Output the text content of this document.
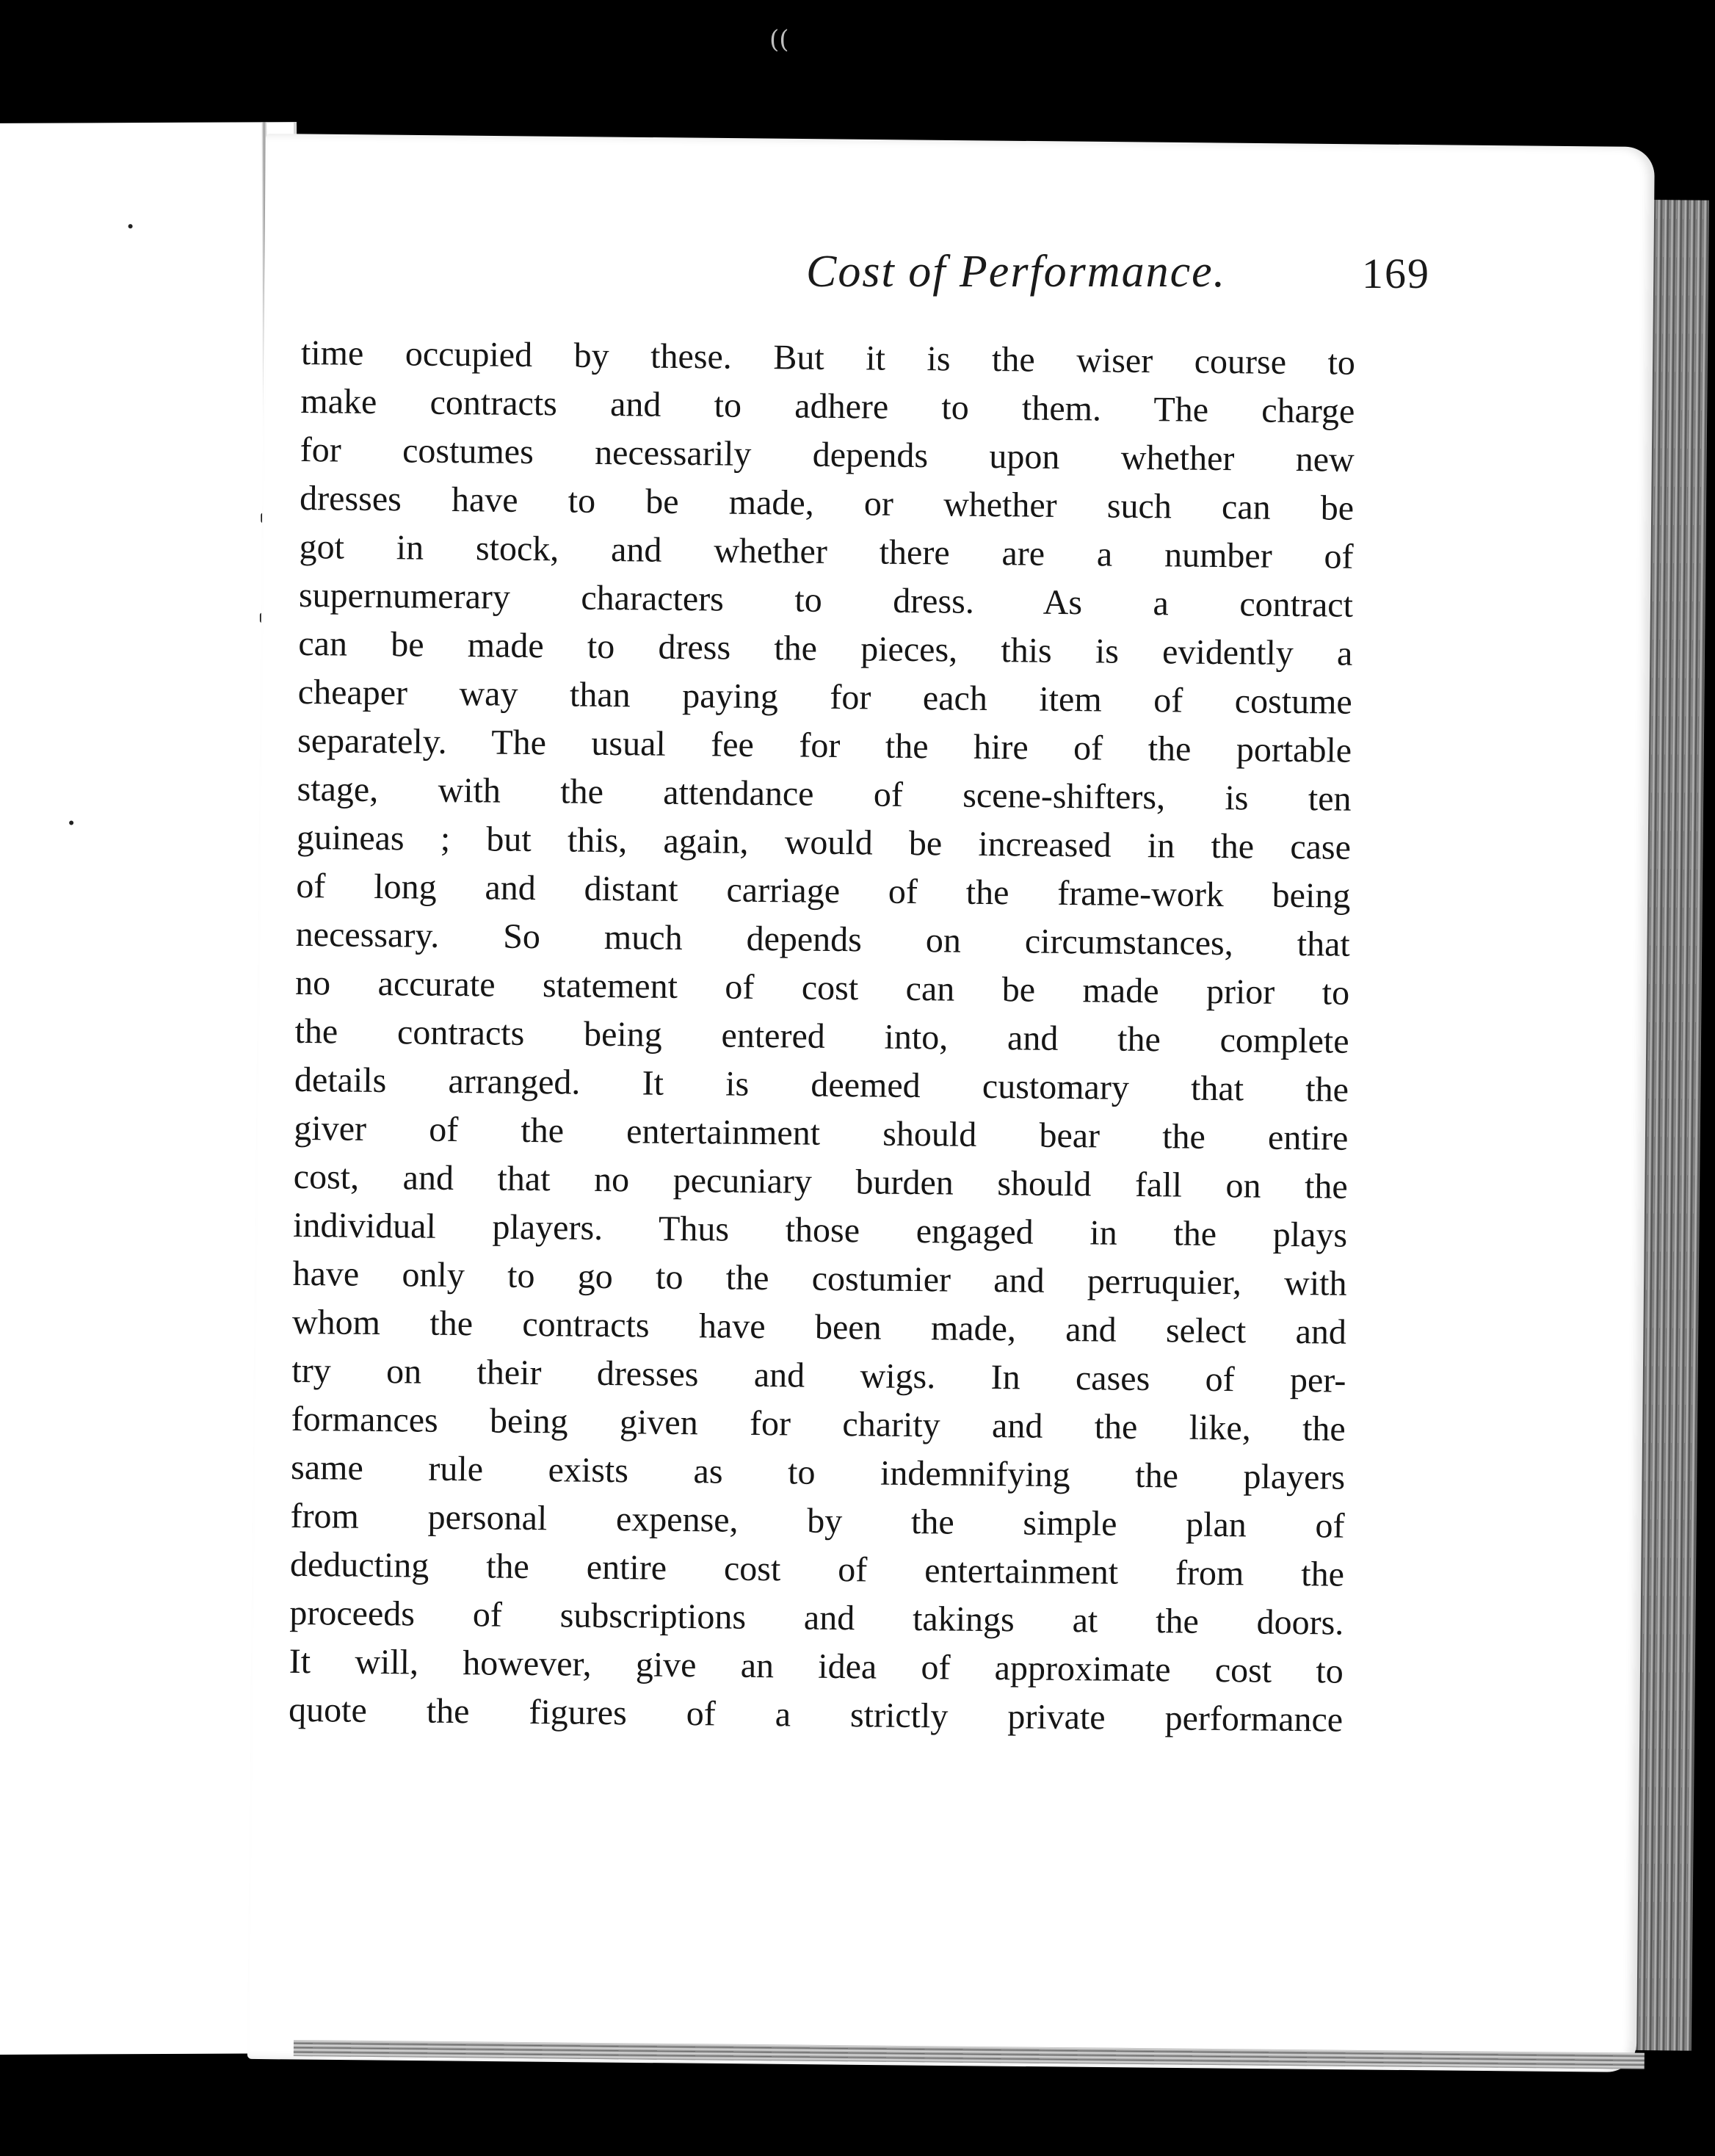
((
Cost of Performance.	169
time occupied by these. But it is the wiser course to
make contracts and to adhere to them. The charge
for costumes necessarily depends upon whether new
dresses have to be made, or whether such can be
got in stock, and whether there are a number of
supernumerary characters to dress. As a contract
can be made to dress the pieces, this is evidently a
cheaper way than paying for each item of costume
separately. The usual fee for the hire of the portable
stage, with the attendance of scene-shifters, is ten
guineas ; but this, again, would be increased in the case
of long and distant carriage of the frame-work being
necessary. So much depends on circumstances, that
no accurate statement of cost can be made prior to
the contracts being entered into, and the complete
details arranged. It is deemed customary that the
giver of the entertainment should bear the entire
cost, and that no pecuniary burden should fall on the
individual players. Thus those engaged in the plays
have only to go to the costumier and perruquier, with
whom the contracts have been made, and select and
try on their dresses and wigs. In cases of per-
formances being given for charity and the like, the
same rule exists as to indemnifying the players
from personal expense, by the simple plan of
deducting the entire cost of entertainment from the
proceeds of subscriptions and takings at the doors.
It will, however, give an idea of approximate cost to
quote the figures of a strictly private performance
